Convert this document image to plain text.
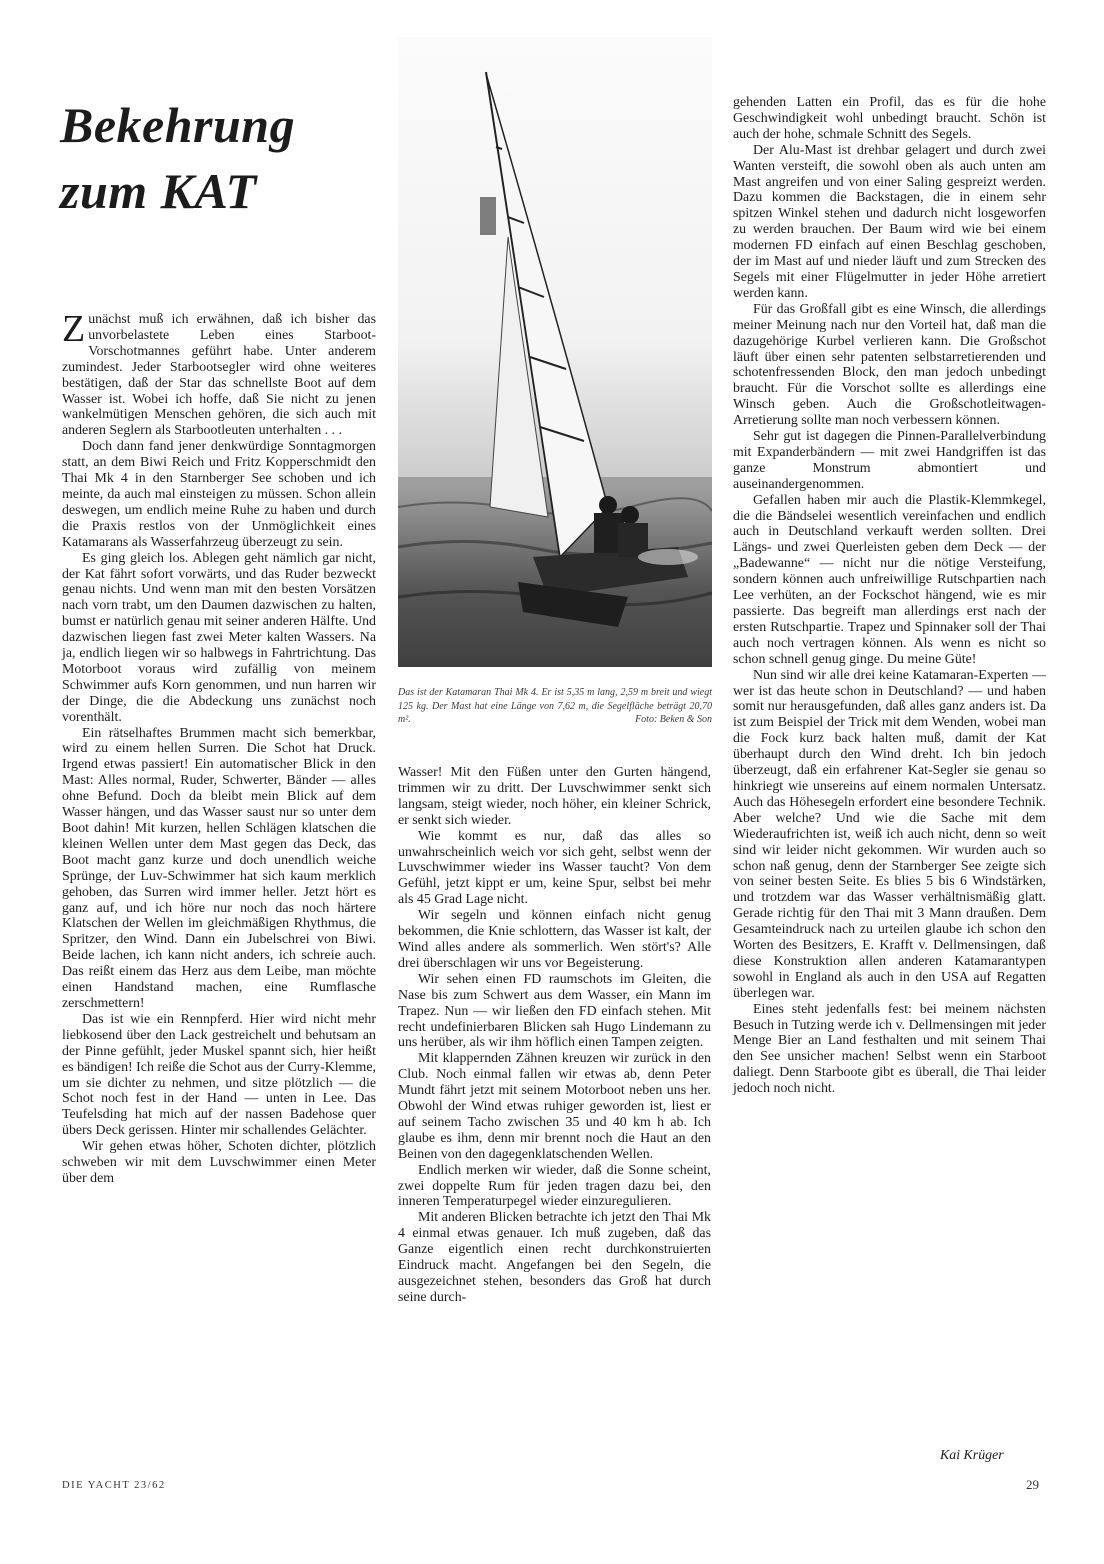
Bekehrung
zum KAT
Das ist der Katamaran Thai Mk 4. Er ist 5,35 m lang, 2,59 m breit und wiegt 125 kg. Der Mast hat eine Länge von 7,62 m, die Segelfläche beträgt 20,70 m².	Foto: Beken & Son

Zunächst muß ich erwähnen, daß ich bisher das unvorbelastete Leben eines Starboot-Vorschotmannes geführt habe. Unter anderem zumindest. Jeder Starbootsegler wird ohne weiteres bestätigen, daß der Star das schnellste Boot auf dem Wasser ist. Wobei ich hoffe, daß Sie nicht zu jenen wankelmütigen Menschen gehören, die sich auch mit anderen Seglern als Starbootleuten unterhalten . . .

Doch dann fand jener denkwürdige Sonntagmorgen statt, an dem Biwi Reich und Fritz Kopperschmidt den Thai Mk 4 in den Starnberger See schoben und ich meinte, da auch mal einsteigen zu müssen. Schon allein deswegen, um endlich meine Ruhe zu haben und durch die Praxis restlos von der Unmöglichkeit eines Katamarans als Wasserfahrzeug überzeugt zu sein.

Es ging gleich los. Ablegen geht nämlich gar nicht, der Kat fährt sofort vorwärts, und das Ruder bezweckt genau nichts. Und wenn man mit den besten Vorsätzen nach vorn trabt, um den Daumen dazwischen zu halten, bumst er natürlich genau mit seiner anderen Hälfte. Und dazwischen liegen fast zwei Meter kalten Wassers. Na ja, endlich liegen wir so halbwegs in Fahrtrichtung. Das Motorboot voraus wird zufällig von meinem Schwimmer aufs Korn genommen, und nun harren wir der Dinge, die die Abdeckung uns zunächst noch vorenthält.

Ein rätselhaftes Brummen macht sich bemerkbar, wird zu einem hellen Surren. Die Schot hat Druck. Irgend etwas passiert! Ein automatischer Blick in den Mast: Alles normal, Ruder, Schwerter, Bänder — alles ohne Befund. Doch da bleibt mein Blick auf dem Wasser hängen, und das Wasser saust nur so unter dem Boot dahin! Mit kurzen, hellen Schlägen klatschen die kleinen Wellen unter dem Mast gegen das Deck, das Boot macht ganz kurze und doch unendlich weiche Sprünge, der Luv-Schwimmer hat sich kaum merklich gehoben, das Surren wird immer heller. Jetzt hört es ganz auf, und ich höre nur noch das noch härtere Klatschen der Wellen im gleichmäßigen Rhythmus, die Spritzer, den Wind. Dann ein Jubelschrei von Biwi. Beide lachen, ich kann nicht anders, ich schreie auch. Das reißt einem das Herz aus dem Leibe, man möchte einen Handstand machen, eine Rumflasche zerschmettern!

Das ist wie ein Rennpferd. Hier wird nicht mehr liebkosend über den Lack gestreichelt und behutsam an der Pinne gefühlt, jeder Muskel spannt sich, hier heißt es bändigen! Ich reiße die Schot aus der Curry-Klemme, um sie dichter zu nehmen, und sitze plötzlich — die Schot noch fest in der Hand — unten in Lee. Das Teufelsding hat mich auf der nassen Badehose quer übers Deck gerissen. Hinter mir schallendes Gelächter.

Wir gehen etwas höher, Schoten dichter, plötzlich schweben wir mit dem Luvschwimmer einen Meter über dem

Wasser! Mit den Füßen unter den Gurten hängend, trimmen wir zu dritt. Der Luvschwimmer senkt sich langsam, steigt wieder, noch höher, ein kleiner Schrick, er senkt sich wieder.

Wie kommt es nur, daß das alles so unwahrscheinlich weich vor sich geht, selbst wenn der Luvschwimmer wieder ins Wasser taucht? Von dem Gefühl, jetzt kippt er um, keine Spur, selbst bei mehr als 45 Grad Lage nicht.

Wir segeln und können einfach nicht genug bekommen, die Knie schlottern, das Wasser ist kalt, der Wind alles andere als sommerlich. Wen stört's? Alle drei überschlagen wir uns vor Begeisterung.

Wir sehen einen FD raumschots im Gleiten, die Nase bis zum Schwert aus dem Wasser, ein Mann im Trapez. Nun — wir ließen den FD einfach stehen. Mit recht undefinierbaren Blicken sah Hugo Lindemann zu uns herüber, als wir ihm höflich einen Tampen zeigten.

Mit klappernden Zähnen kreuzen wir zurück in den Club. Noch einmal fallen wir etwas ab, denn Peter Mundt fährt jetzt mit seinem Motorboot neben uns her. Obwohl der Wind etwas ruhiger geworden ist, liest er auf seinem Tacho zwischen 35 und 40 km h ab. Ich glaube es ihm, denn mir brennt noch die Haut an den Beinen von den dagegenklatschenden Wellen.

Endlich merken wir wieder, daß die Sonne scheint, zwei doppelte Rum für jeden tragen dazu bei, den inneren Temperaturpegel wieder einzuregulieren.

Mit anderen Blicken betrachte ich jetzt den Thai Mk 4 einmal etwas genauer. Ich muß zugeben, daß das Ganze eigentlich einen recht durchkonstruierten Eindruck macht. Angefangen bei den Segeln, die ausgezeichnet stehen, besonders das Groß hat durch seine durch-

gehenden Latten ein Profil, das es für die hohe Geschwindigkeit wohl unbedingt braucht. Schön ist auch der hohe, schmale Schnitt des Segels.

Der Alu-Mast ist drehbar gelagert und durch zwei Wanten versteift, die sowohl oben als auch unten am Mast angreifen und von einer Saling gespreizt werden. Dazu kommen die Backstagen, die in einem sehr spitzen Winkel stehen und dadurch nicht losgeworfen zu werden brauchen. Der Baum wird wie bei einem modernen FD einfach auf einen Beschlag geschoben, der im Mast auf und nieder läuft und zum Strecken des Segels mit einer Flügelmutter in jeder Höhe arretiert werden kann.

Für das Großfall gibt es eine Winsch, die allerdings meiner Meinung nach nur den Vorteil hat, daß man die dazugehörige Kurbel verlieren kann. Die Großschot läuft über einen sehr patenten selbstarretierenden und schotenfressenden Block, den man jedoch unbedingt braucht. Für die Vorschot sollte es allerdings eine Winsch geben. Auch die Großschotleitwagen-Arretierung sollte man noch verbessern können.

Sehr gut ist dagegen die Pinnen-Parallelverbindung mit Expanderbändern — mit zwei Handgriffen ist das ganze Monstrum abmontiert und auseinandergenommen.

Gefallen haben mir auch die Plastik-Klemmkegel, die die Bändselei wesentlich vereinfachen und endlich auch in Deutschland verkauft werden sollten. Drei Längs- und zwei Querleisten geben dem Deck — der „Badewanne“ — nicht nur die nötige Versteifung, sondern können auch unfreiwillige Rutschpartien nach Lee verhüten, an der Fockschot hängend, wie es mir passierte. Das begreift man allerdings erst nach der ersten Rutschpartie. Trapez und Spinnaker soll der Thai auch noch vertragen können. Als wenn es nicht so schon schnell genug ginge. Du meine Güte!

Nun sind wir alle drei keine Katamaran-Experten — wer ist das heute schon in Deutschland? — und haben somit nur herausgefunden, daß alles ganz anders ist. Da ist zum Beispiel der Trick mit dem Wenden, wobei man die Fock kurz back halten muß, damit der Kat überhaupt durch den Wind dreht. Ich bin jedoch überzeugt, daß ein erfahrener Kat-Segler sie genau so hinkriegt wie unsereins auf einem normalen Untersatz. Auch das Höhesegeln erfordert eine besondere Technik. Aber welche? Und wie die Sache mit dem Wiederaufrichten ist, weiß ich auch nicht, denn so weit sind wir leider nicht gekommen. Wir wurden auch so schon naß genug, denn der Starnberger See zeigte sich von seiner besten Seite. Es blies 5 bis 6 Windstärken, und trotzdem war das Wasser verhältnismäßig glatt. Gerade richtig für den Thai mit 3 Mann draußen. Dem Gesamteindruck nach zu urteilen glaube ich schon den Worten des Besitzers, E. Krafft v. Dellmensingen, daß diese Konstruktion allen anderen Katamarantypen sowohl in England als auch in den USA auf Regatten überlegen war.

Eines steht jedenfalls fest: bei meinem nächsten Besuch in Tutzing werde ich v. Dellmensingen mit jeder Menge Bier an Land festhalten und mit seinem Thai den See unsicher machen! Selbst wenn ein Starboot daliegt. Denn Starboote gibt es überall, die Thai leider jedoch noch nicht.

Kai Krüger
DIE YACHT 23/62	29
